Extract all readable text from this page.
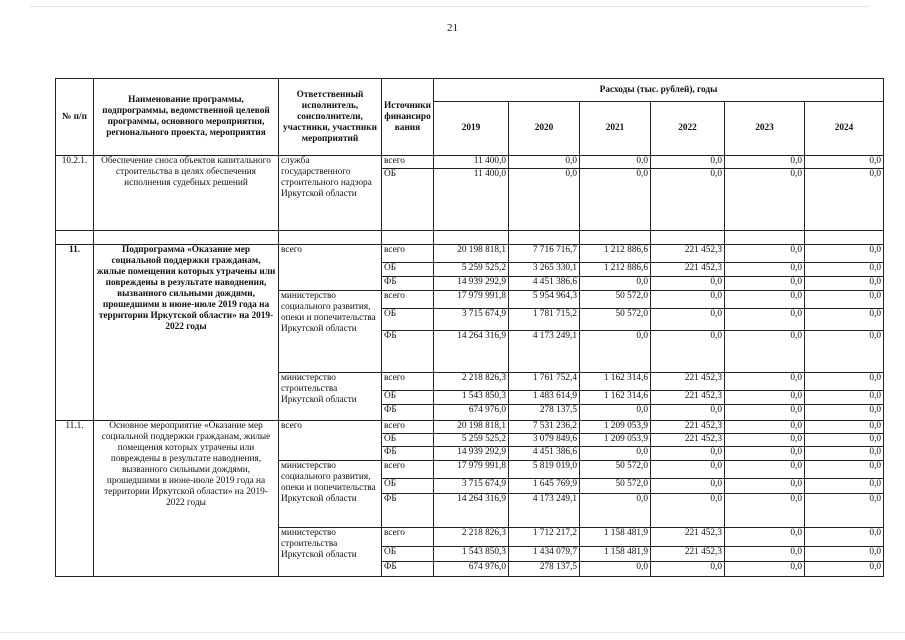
21
№ п/п	Наименование программы, подпрограммы, ведомственной целевой программы, основного мероприятия, регионального проекта, мероприятия	Ответственный исполнитель, соисполнители, участники, участники мероприятий	Источники финансиро вания	Расходы (тыс. рублей), годы					
				2019	2020	2021	2022	2023	2024
10.2.1.	Обеспечение сноса объектов капитального строительства в целях обеспечения исполнения судебных решений	служба государственного строительного надзора Иркутской области	всего	11 400,0	0,0	0,0	0,0	0,0	0,0
			ОБ	11 400,0	0,0	0,0	0,0	0,0	0,0

11.	Подпрограмма «Оказание мер социальной поддержки гражданам, жилые помещения которых утрачены или повреждены в результате наводнения, вызванного сильными дождями, прошедшими в июне-июле 2019 года на территории Иркутской области» на 2019-2022 годы	всего	всего	20 198 818,1	7 716 716,7	1 212 886,6	221 452,3	0,0	0,0
			ОБ	5 259 525,2	3 265 330,1	1 212 886,6	221 452,3	0,0	0,0
			ФБ	14 939 292,9	4 451 386,6	0,0	0,0	0,0	0,0
		министерство социального развития, опеки и попечительства Иркутской области	всего	17 979 991,8	5 954 964,3	50 572,0	0,0	0,0	0,0
			ОБ	3 715 674,9	1 781 715,2	50 572,0	0,0	0,0	0,0
			ФБ	14 264 316,9	4 173 249,1	0,0	0,0	0,0	0,0
		министерство строительства Иркутской области	всего	2 218 826,3	1 761 752,4	1 162 314,6	221 452,3	0,0	0,0
			ОБ	1 543 850,3	1 483 614,9	1 162 314,6	221 452,3	0,0	0,0
			ФБ	674 976,0	278 137,5	0,0	0,0	0,0	0,0
11.1.	Основное мероприятие «Оказание мер социальной поддержки гражданам, жилые помещения которых утрачены или повреждены в результате наводнения, вызванного сильными дождями, прошедшими в июне-июле 2019 года на территории Иркутской области» на 2019-2022 годы	всего	всего	20 198 818,1	7 531 236,2	1 209 053,9	221 452,3	0,0	0,0
			ОБ	5 259 525,2	3 079 849,6	1 209 053,9	221 452,3	0,0	0,0
			ФБ	14 939 292,9	4 451 386,6	0,0	0,0	0,0	0,0
		министерство социального развития, опеки и попечительства Иркутской области	всего	17 979 991,8	5 819 019,0	50 572,0	0,0	0,0	0,0
			ОБ	3 715 674,9	1 645 769,9	50 572,0	0,0	0,0	0,0
			ФБ	14 264 316,9	4 173 249,1	0,0	0,0	0,0	0,0
		министерство строительства Иркутской области	всего	2 218 826,3	1 712 217,2	1 158 481,9	221 452,3	0,0	0,0
			ОБ	1 543 850,3	1 434 079,7	1 158 481,9	221 452,3	0,0	0,0
			ФБ	674 976,0	278 137,5	0,0	0,0	0,0	0,0
